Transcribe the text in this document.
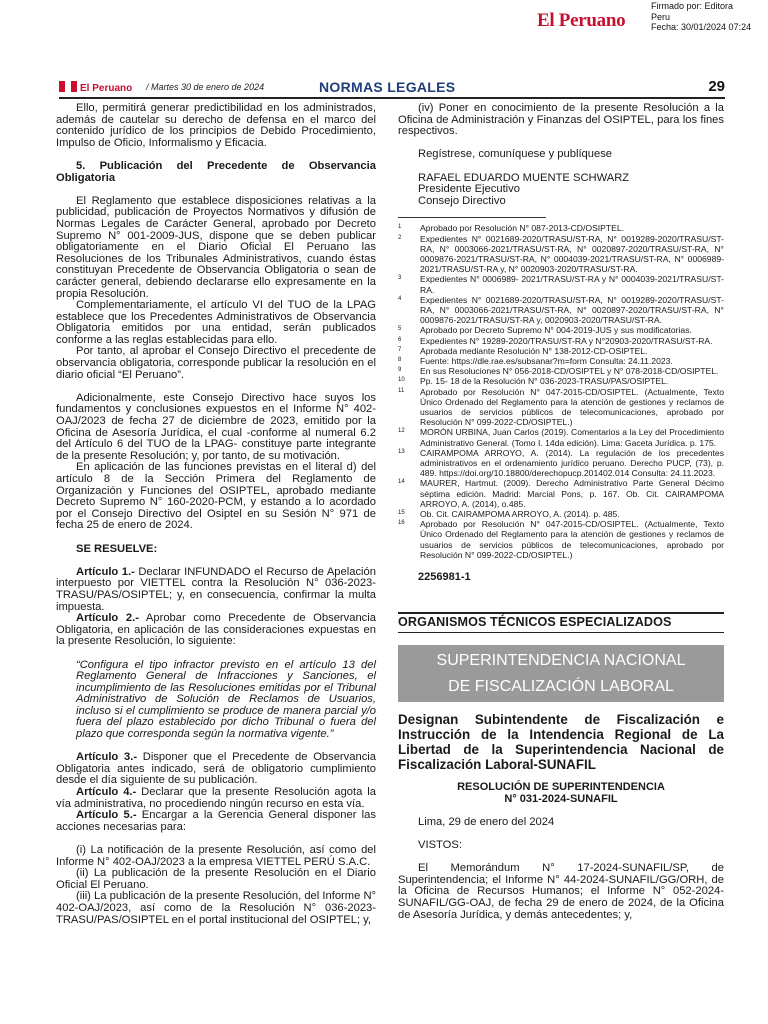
El Peruano
Firmado por: Editora
Peru
Fecha: 30/01/2024 07:24
El Peruano / Martes 30 de enero de 2024	NORMAS LEGALES	29

Ello, permitirá generar predictibilidad en los administrados, además de cautelar su derecho de defensa en el marco del contenido jurídico de los principios de Debido Procedimiento, Impulso de Oficio, Informalismo y Eficacia.

5. Publicación del Precedente de Observancia Obligatoria

El Reglamento que establece disposiciones relativas a la publicidad, publicación de Proyectos Normativos y difusión de Normas Legales de Carácter General, aprobado por Decreto Supremo N° 001-2009-JUS, dispone que se deben publicar obligatoriamente en el Diario Oficial El Peruano las Resoluciones de los Tribunales Administrativos, cuando éstas constituyan Precedente de Observancia Obligatoria o sean de carácter general, debiendo declararse ello expresamente en la propia Resolución.

Complementariamente, el artículo VI del TUO de la LPAG establece que los Precedentes Administrativos de Observancia Obligatoria emitidos por una entidad, serán publicados conforme a las reglas establecidas para ello.

Por tanto, al aprobar el Consejo Directivo el precedente de observancia obligatoria, corresponde publicar la resolución en el diario oficial “El Peruano”.

Adicionalmente, este Consejo Directivo hace suyos los fundamentos y conclusiones expuestos en el Informe N° 402-OAJ/2023 de fecha 27 de diciembre de 2023, emitido por la Oficina de Asesoría Jurídica, el cual -conforme al numeral 6.2 del Artículo 6 del TUO de la LPAG- constituye parte integrante de la presente Resolución; y, por tanto, de su motivación.

En aplicación de las funciones previstas en el literal d) del artículo 8 de la Sección Primera del Reglamento de Organización y Funciones del OSIPTEL, aprobado mediante Decreto Supremo N° 160-2020-PCM, y estando a lo acordado por el Consejo Directivo del Osiptel en su Sesión N° 971 de fecha 25 de enero de 2024.

SE RESUELVE:

Artículo 1.- Declarar INFUNDADO el Recurso de Apelación interpuesto por VIETTEL contra la Resolución N° 036-2023-TRASU/PAS/OSIPTEL; y, en consecuencia, confirmar la multa impuesta.

Artículo 2.- Aprobar como Precedente de Observancia Obligatoria, en aplicación de las consideraciones expuestas en la presente Resolución, lo siguiente:

“Configura el tipo infractor previsto en el artículo 13 del Reglamento General de Infracciones y Sanciones, el incumplimiento de las Resoluciones emitidas por el Tribunal Administrativo de Solución de Reclamos de Usuarios, incluso si el cumplimiento se produce de manera parcial y/o fuera del plazo establecido por dicho Tribunal o fuera del plazo que corresponda según la normativa vigente.”

Artículo 3.- Disponer que el Precedente de Observancia Obligatoria antes indicado, será de obligatorio cumplimiento desde el día siguiente de su publicación.

Artículo 4.- Declarar que la presente Resolución agota la vía administrativa, no procediendo ningún recurso en esta vía.

Artículo 5.- Encargar a la Gerencia General disponer las acciones necesarias para:

(i) La notificación de la presente Resolución, así como del Informe N° 402-OAJ/2023 a la empresa VIETTEL PERÚ S.A.C.

(ii) La publicación de la presente Resolución en el Diario Oficial El Peruano.

(iii) La publicación de la presente Resolución, del Informe N° 402-OAJ/2023, así como de la Resolución N° 036-2023-TRASU/PAS/OSIPTEL en el portal institucional del OSIPTEL; y,

(iv) Poner en conocimiento de la presente Resolución a la Oficina de Administración y Finanzas del OSIPTEL, para los fines respectivos.

Regístrese, comuníquese y publíquese

RAFAEL EDUARDO MUENTE SCHWARZ

Presidente Ejecutivo

Consejo Directivo

1	Aprobado por Resolución N° 087-2013-CD/OSIPTEL.
2	Expedientes N° 0021689-2020/TRASU/ST-RA, N° 0019289-2020/TRASU/ST-RA, N° 0003066-2021/TRASU/ST-RA, N° 0020897-2020/TRASU/ST-RA, N° 0009876-2021/TRASU/ST-RA, N° 0004039-2021/TRASU/ST-RA, N° 0006989-2021/TRASU/ST-RA y, N° 0020903-2020/TRASU/ST-RA.
3	Expedientes N° 0006989- 2021/TRASU/ST-RA y N° 0004039-2021/TRASU/ST-RA.
4	Expedientes N° 0021689-2020/TRASU/ST-RA, N° 0019289-2020/TRASU/ST-RA, N° 0003066-2021/TRASU/ST-RA, N° 0020897-2020/TRASU/ST-RA, N° 0009876-2021/TRASU/ST-RA y, 0020903-2020/TRASU/ST-RA.
5	Aprobado por Decreto Supremo N° 004-2019-JUS y sus modificatorias.
6	Expedientes N° 19289-2020/TRASU/ST-RA y N°20903-2020/TRASU/ST-RA.
7	Aprobada mediante Resolución N° 138-2012-CD-OSIPTEL.
8	Fuente: https://dle.rae.es/subsanar?m=form Consulta: 24.11.2023.
9	En sus Resoluciones N° 056-2018-CD/OSIPTEL y N° 078-2018-CD/OSIPTEL.
10	Pp. 15- 18 de la Resolución N° 036-2023-TRASU/PAS/OSIPTEL.
11	Aprobado por Resolución N° 047-2015-CD/OSIPTEL. (Actualmente, Texto Único Ordenado del Reglamento para la atención de gestiones y reclamos de usuarios de servicios públicos de telecomunicaciones, aprobado por Resolución N° 099-2022-CD/OSIPTEL.)
12	MORÓN URBINA, Juan Carlos (2019). Comentarios a la Ley del Procedimiento Administrativo General. (Tomo I. 14da edición). Lima: Gaceta Jurídica. p. 175.
13	CAIRAMPOMA ARROYO, A. (2014). La regulación de los precedentes administrativos en el ordenamiento jurídico peruano. Derecho PUCP, (73), p. 489. https://doi.org/10.18800/derechopucp.201402.014 Consulta: 24.11.2023.
14	MAURER, Hartmut. (2009). Derecho Administrativo Parte General Décimo séptima edición. Madrid: Marcial Pons, p. 167. Ob. Cit. CAIRAMPOMA ARROYO, A. (2014), o.485.
15	Ob. Cit. CAIRAMPOMA ARROYO, A. (2014). p. 485.
16	Aprobado por Resolución N° 047-2015-CD/OSIPTEL. (Actualmente, Texto Único Ordenado del Reglamento para la atención de gestiones y reclamos de usuarios de servicios públicos de telecomunicaciones, aprobado por Resolución N° 099-2022-CD/OSIPTEL.)

2256981-1

ORGANISMOS TÉCNICOS ESPECIALIZADOS
SUPERINTENDENCIA NACIONAL
DE FISCALIZACIÓN LABORAL
Designan Subintendente de Fiscalización e Instrucción de la Intendencia Regional de La Libertad de la Superintendencia Nacional de Fiscalización Laboral-SUNAFIL
RESOLUCIÓN DE SUPERINTENDENCIA
N° 031-2024-SUNAFIL

Lima, 29 de enero del 2024

VISTOS:

El Memorándum N° 17-2024-SUNAFIL/SP, de Superintendencia; el Informe N° 44-2024-SUNAFIL/GG/ORH, de la Oficina de Recursos Humanos; el Informe N° 052-2024-SUNAFIL/GG-OAJ, de fecha 29 de enero de 2024, de la Oficina de Asesoría Jurídica, y demás antecedentes; y,
